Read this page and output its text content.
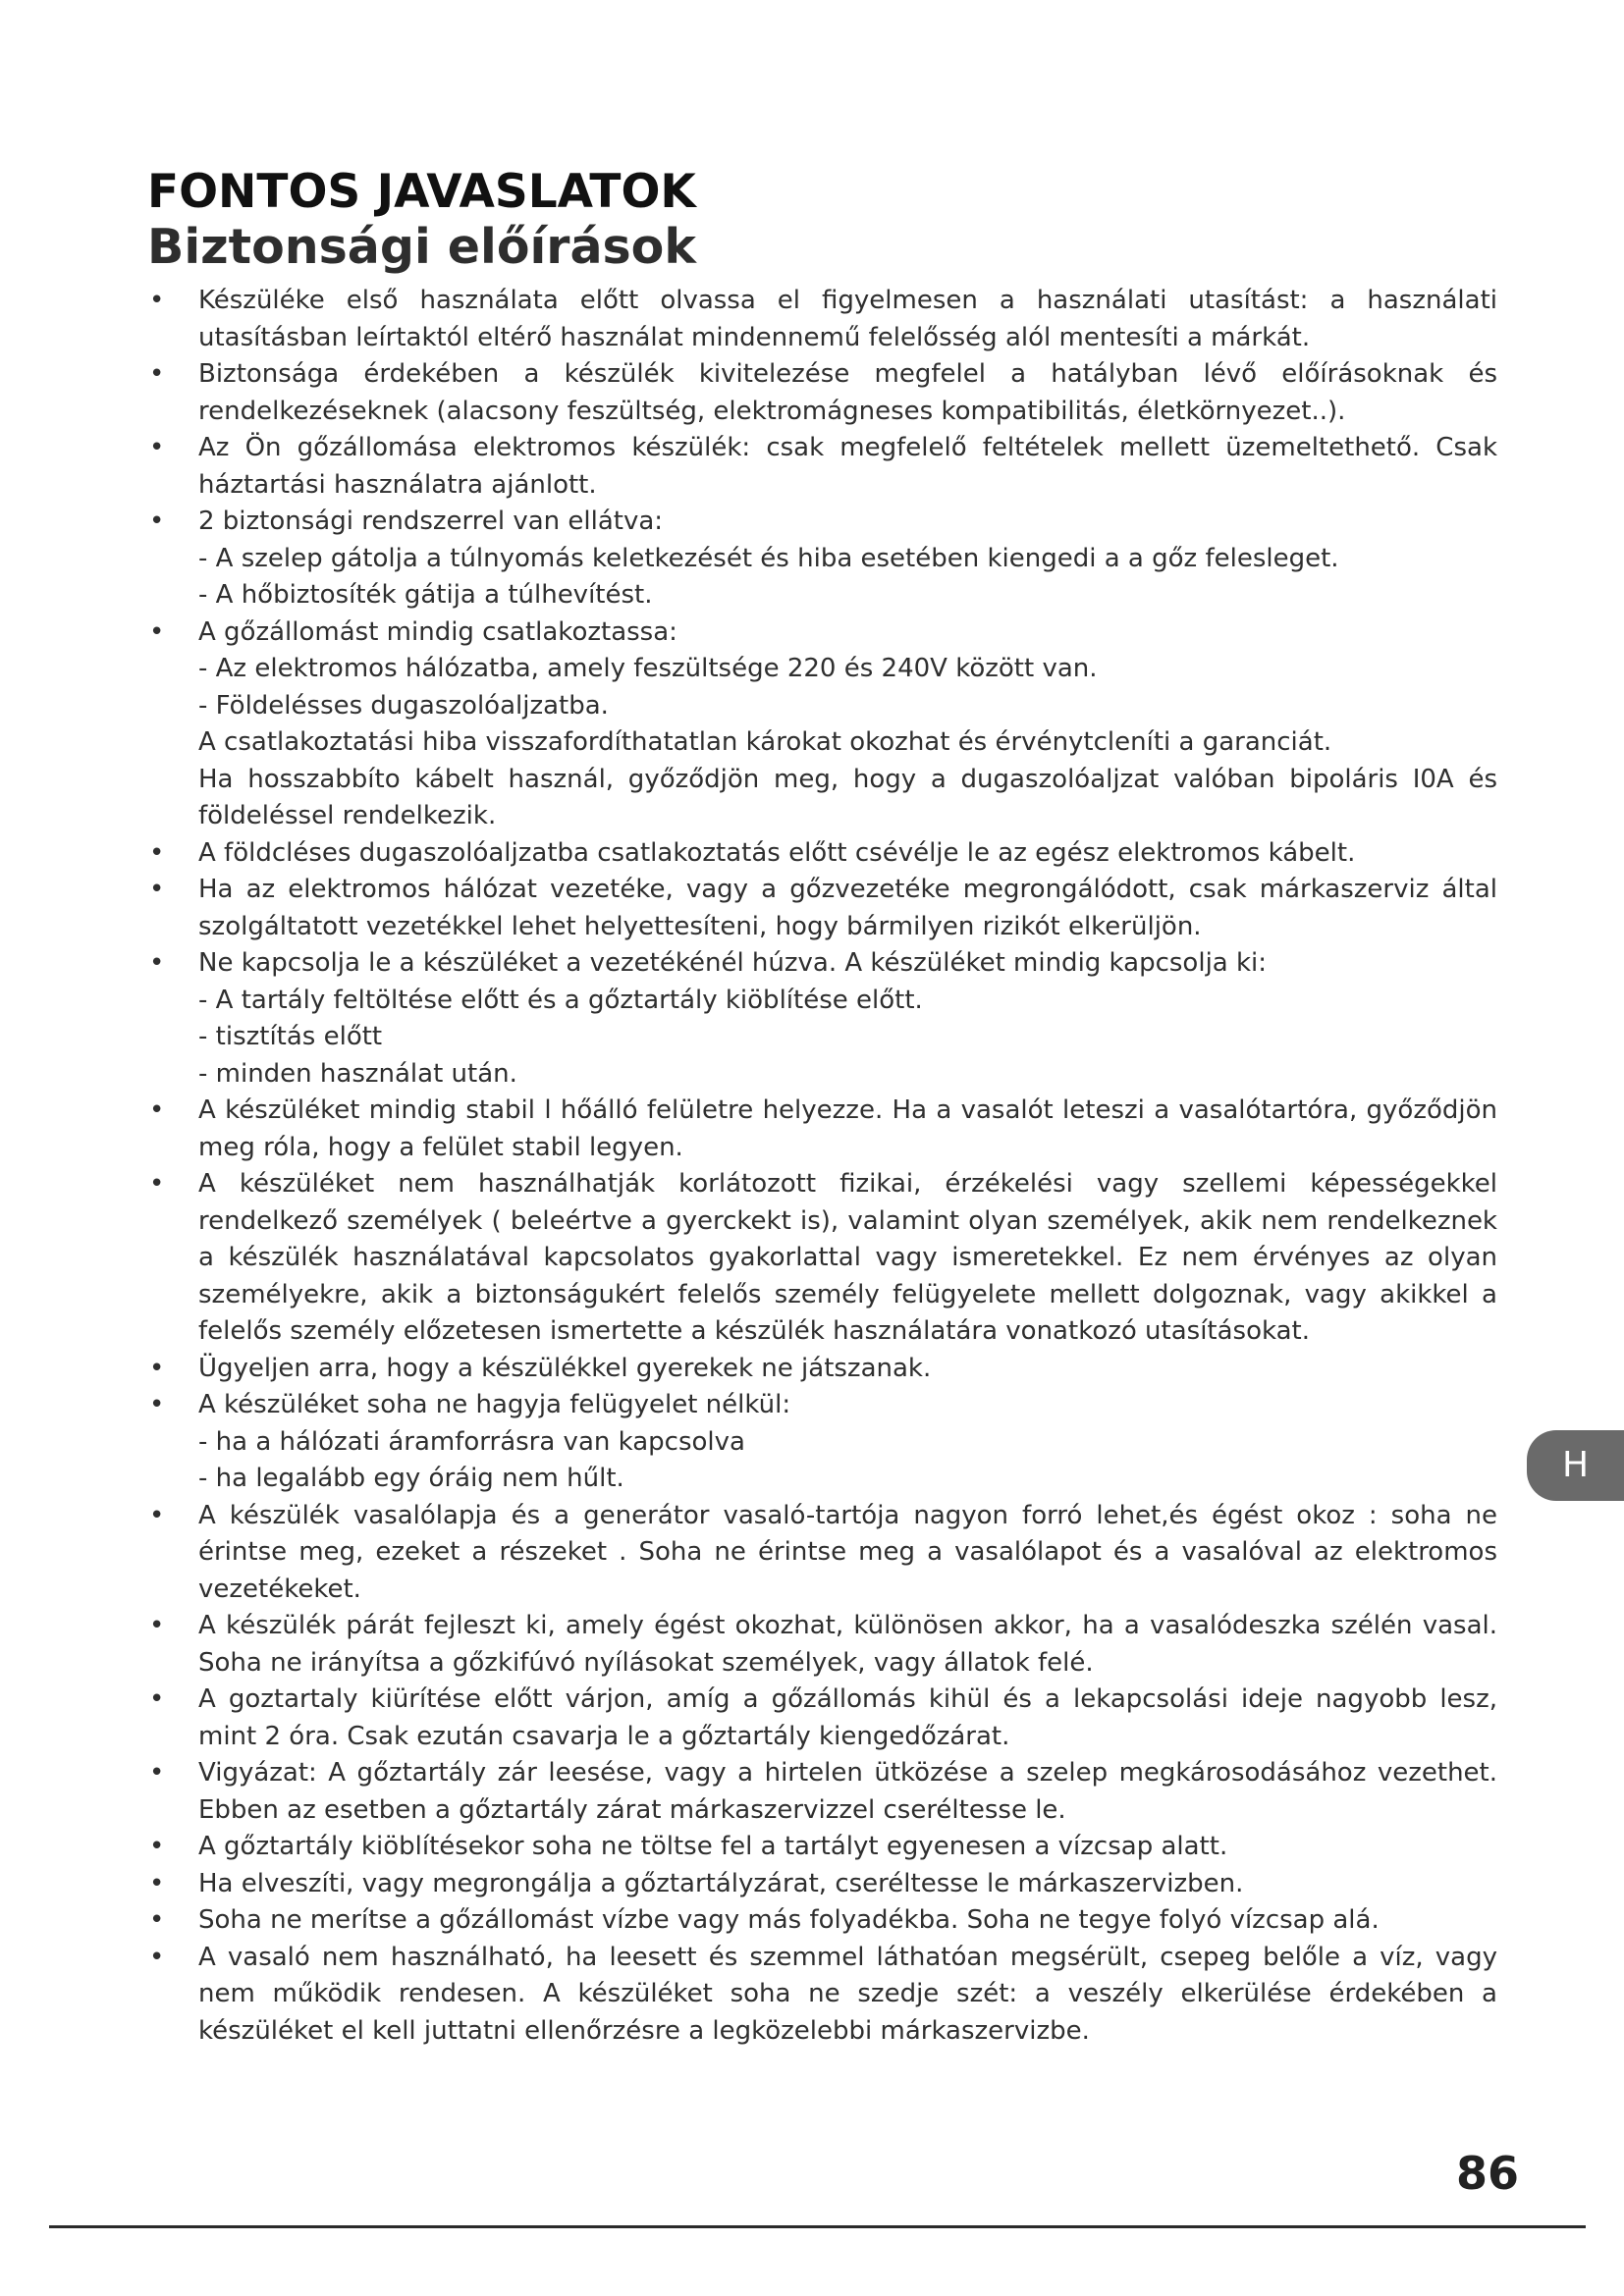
FONTOS JAVASLATOK
Biztonsági előírások
•	Készüléke első használata előtt olvassa el figyelmesen a használati utasítást: a használati utasításban leírtaktól eltérő használat mindennemű felelősség alól mentesíti a márkát.
•	Biztonsága érdekében a készülék kivitelezése megfelel a hatályban lévő előírásoknak és rendelkezéseknek (alacsony feszültség, elektromágneses kompatibilitás, életkörnyezet..).
•	Az Ön gőzállomása elektromos készülék: csak megfelelő feltételek mellett üzemeltethető. Csak háztartási használatra ajánlott.
•	2 biztonsági rendszerrel van ellátva:
- A szelep gátolja a túlnyomás keletkezését és hiba esetében kiengedi a a gőz felesleget.
- A hőbiztosíték gátija a túlhevítést.
•	A gőzállomást mindig csatlakoztassa:
- Az elektromos hálózatba, amely feszültsége 220 és 240V között van.
- Földelésses dugaszolóaljzatba.
A csatlakoztatási hiba visszafordíthatatlan károkat okozhat és érvénytcleníti a garanciát.
Ha hosszabbíto kábelt használ, győződjön meg, hogy a dugaszolóaljzat valóban bipoláris I0A és földeléssel rendelkezik.
•	A földcléses dugaszolóaljzatba csatlakoztatás előtt csévélje le az egész elektromos kábelt.
•	Ha az elektromos hálózat vezetéke, vagy a gőzvezetéke megrongálódott, csak márkaszerviz által szolgáltatott vezetékkel lehet helyettesíteni, hogy bármilyen rizikót elkerüljön.
•	Ne kapcsolja le a készüléket a vezetékénél húzva. A készüléket mindig kapcsolja ki:
- A tartály feltöltése előtt és a gőztartály kiöblítése előtt.
- tisztítás előtt
- minden használat után.
•	A készüléket mindig stabil l hőálló felületre helyezze. Ha a vasalót leteszi a vasalótartóra, győződjön meg róla, hogy a felület stabil legyen.
•	A készüléket nem használhatják korlátozott fizikai, érzékelési vagy szellemi képességekkel rendelkező személyek ( beleértve a gyerckekt is), valamint olyan személyek, akik nem rendelkeznek a készülék használatával kapcsolatos gyakorlattal vagy ismeretekkel. Ez nem érvényes az olyan személyekre, akik a biztonságukért felelős személy felügyelete mellett dolgoznak, vagy akikkel a felelős személy előzetesen ismertette a készülék használatára vonatkozó utasításokat.
•	Ügyeljen arra, hogy a készülékkel gyerekek ne játszanak.
•	A készüléket soha ne hagyja felügyelet nélkül:
- ha a hálózati áramforrásra van kapcsolva
- ha legalább egy óráig nem hűlt.
•	A készülék vasalólapja és a generátor vasaló-tartója nagyon forró lehet,és égést okoz : soha ne érintse meg, ezeket a részeket . Soha ne érintse meg a vasalólapot és a vasalóval az elektromos vezetékeket.
•	A készülék párát fejleszt ki, amely égést okozhat, különösen akkor, ha a vasalódeszka szélén vasal. Soha ne irányítsa a gőzkifúvó nyílásokat személyek, vagy állatok felé.
•	A goztartaly kiürítése előtt várjon, amíg a gőzállomás kihül és a lekapcsolási ideje nagyobb lesz, mint 2 óra. Csak ezután csavarja le a gőztartály kiengedőzárat.
•	Vigyázat: A gőztartály zár leesése, vagy a hirtelen ütközése a szelep megkárosodásához vezethet. Ebben az esetben a gőztartály zárat márkaszervizzel cseréltesse le.
•	A gőztartály kiöblítésekor soha ne töltse fel a tartályt egyenesen a vízcsap alatt.
•	Ha elveszíti, vagy megrongálja a gőztartályzárat, cseréltesse le márkaszervizben.
•	Soha ne merítse a gőzállomást vízbe vagy más folyadékba. Soha ne tegye folyó vízcsap alá.
•	A vasaló nem használható, ha leesett és szemmel láthatóan megsérült, csepeg belőle a víz, vagy nem működik rendesen. A készüléket soha ne szedje szét: a veszély elkerülése érdekében a készüléket el kell juttatni ellenőrzésre a legközelebbi márkaszervizbe.
H
86
